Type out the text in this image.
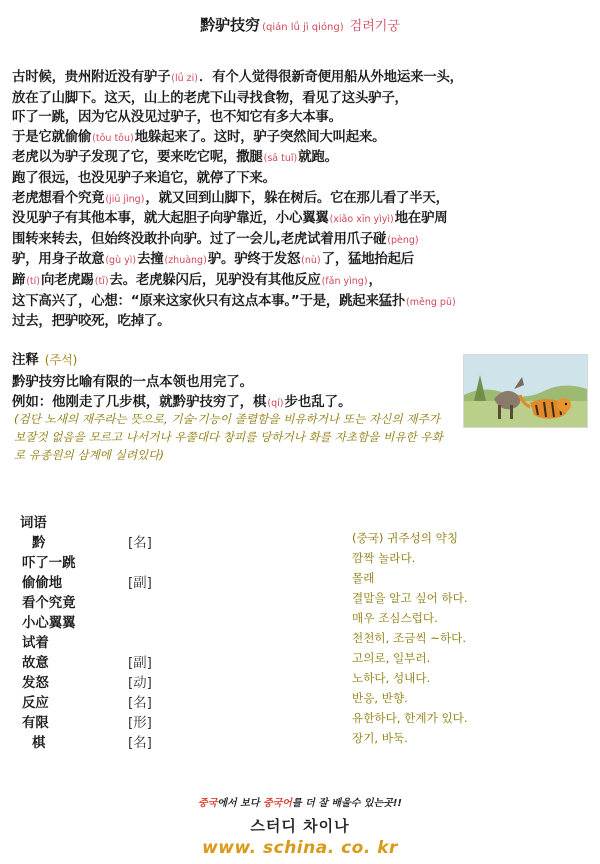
黔驴技穷 (qián lǘ jì qióng) 검려기궁
古时候，贵州附近没有驴子(lǘ zi)．有个人觉得很新奇便用船从外地运来一头，
放在了山脚下。这天，山上的老虎下山寻找食物，看见了这头驴子，
吓了一跳，因为它从没见过驴子，也不知它有多大本事。
于是它就偷偷(tōu tōu)地躲起来了。这时，驴子突然间大叫起来。
老虎以为驴子发现了它，要来吃它呢，撒腿(sā tuǐ)就跑。
跑了很远，也没见驴子来追它，就停了下来。
老虎想看个究竟(jiū jìng)，就又回到山脚下，躲在树后。它在那儿看了半天，
没见驴子有其他本事，就大起胆子向驴靠近，小心翼翼(xiǎo xīn yìyì)地在驴周
围转来转去，但始终没敢扑向驴。过了一会儿,老虎试着用爪子碰(pèng)
驴，用身子故意(gù yì)去撞(zhuàng)驴。驴终于发怒(nù)了，猛地抬起后
蹄(tí)向老虎踢(tī)去。老虎躲闪后，见驴没有其他反应(fǎn yìng)，
这下高兴了，心想：“原来这家伙只有这点本事。”于是，跳起来猛扑(měng pū)
过去，把驴咬死，吃掉了。
注释 (주석)
黔驴技穷比喻有限的一点本领也用完了。
例如：他刚走了几步棋，就黔驴技穷了，棋(qí)步也乱了。
(검단 노새의 재주라는 뜻으로, 기술·기능이 졸렬함을 비유하거나 또는 자신의 재주가 보잘것 없음을 모르고 나서거나 우쭐대다 창피를 당하거나 화를 자초함을 비유한 우화로 유종원의 삼계에 실려있다)
词语
黔	[名]	(중국) 귀주성의 약칭
吓了一跳	깜짝 놀라다.
偷偷地	[副]	몰래
看个究竟	결말을 알고 싶어 하다.
小心翼翼	매우 조심스럽다.
试着	천천히, 조금씩 ~하다.
故意	[副]	고의로, 일부러.
发怒	[动]	노하다, 성내다.
反应	[名]	반응, 반향.
有限	[形]	유한하다, 한계가 있다.
棋	[名]	장기, 바둑.
중국에서 보다 중국어를 더 잘 배울수 있는곳!!
스터디 차이나
www. schina. co. kr
